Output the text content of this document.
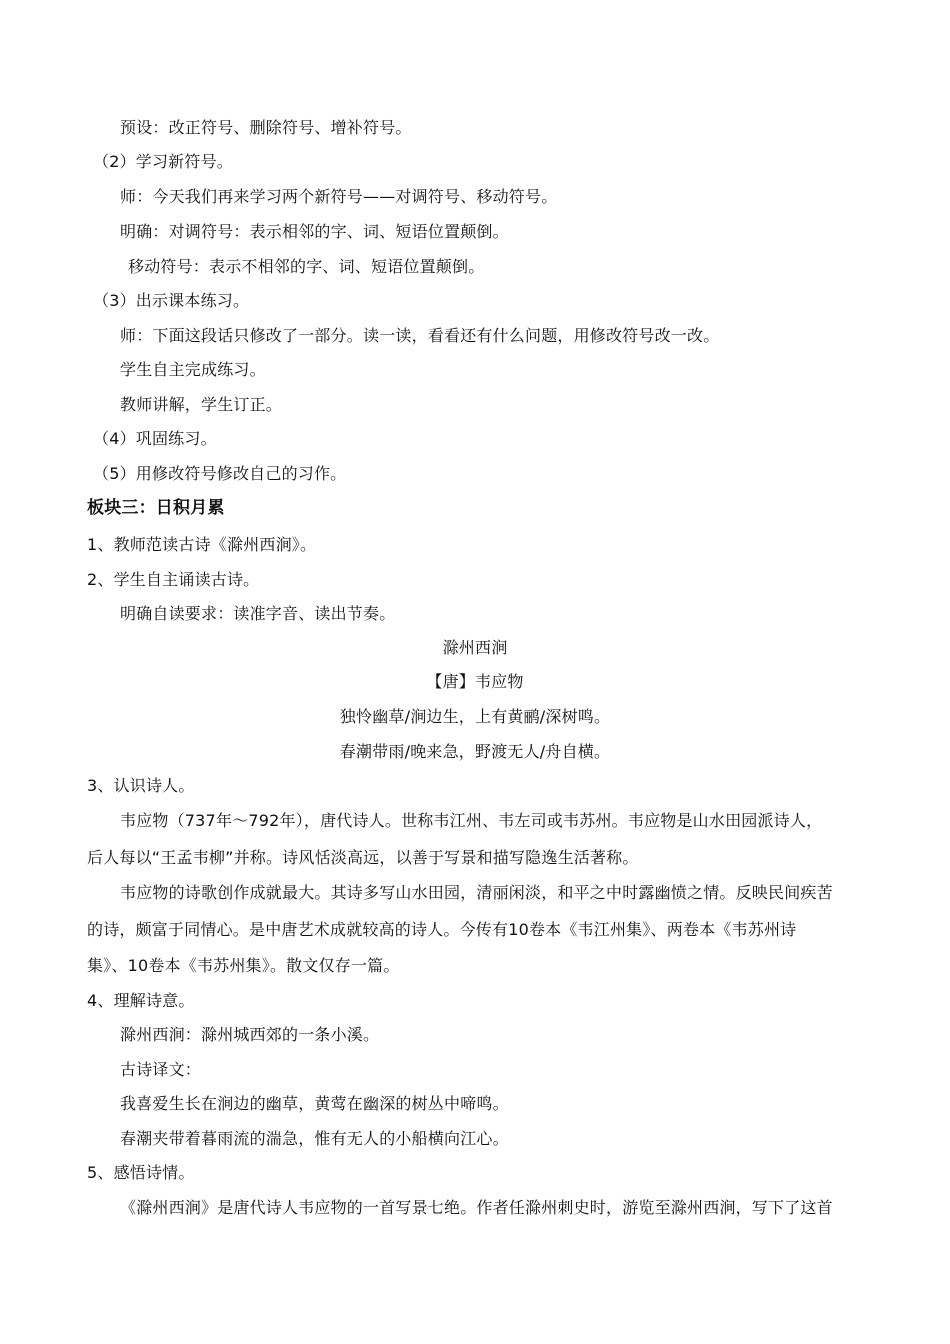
预设：改正符号、删除符号、增补符号。
（2）学习新符号。
师：今天我们再来学习两个新符号——对调符号、移动符号。
明确：对调符号：表示相邻的字、词、短语位置颠倒。
移动符号：表示不相邻的字、词、短语位置颠倒。
（3）出示课本练习。
师：下面这段话只修改了一部分。读一读，看看还有什么问题，用修改符号改一改。
学生自主完成练习。
教师讲解，学生订正。
（4）巩固练习。
（5）用修改符号修改自己的习作。
板块三：日积月累
1、教师范读古诗《滁州西涧》。
2、学生自主诵读古诗。
明确自读要求：读准字音、读出节奏。
滁州西涧
【唐】韦应物
独怜幽草/涧边生，上有黄鹂/深树鸣。
春潮带雨/晚来急，野渡无人/舟自横。
3、认识诗人。
韦应物（737年～792年），唐代诗人。世称韦江州、韦左司或韦苏州。韦应物是山水田园派诗人，
后人每以“王孟韦柳”并称。诗风恬淡高远，以善于写景和描写隐逸生活著称。
韦应物的诗歌创作成就最大。其诗多写山水田园，清丽闲淡，和平之中时露幽愤之情。反映民间疾苦
的诗，颇富于同情心。是中唐艺术成就较高的诗人。今传有10卷本《韦江州集》、两卷本《韦苏州诗
集》、10卷本《韦苏州集》。散文仅存一篇。
4、理解诗意。
滁州西涧：滁州城西郊的一条小溪。
古诗译文：
我喜爱生长在涧边的幽草，黄莺在幽深的树丛中啼鸣。
春潮夹带着暮雨流的湍急，惟有无人的小船横向江心。
5、感悟诗情。
《滁州西涧》是唐代诗人韦应物的一首写景七绝。作者任滁州刺史时，游览至滁州西涧，写下了这首
